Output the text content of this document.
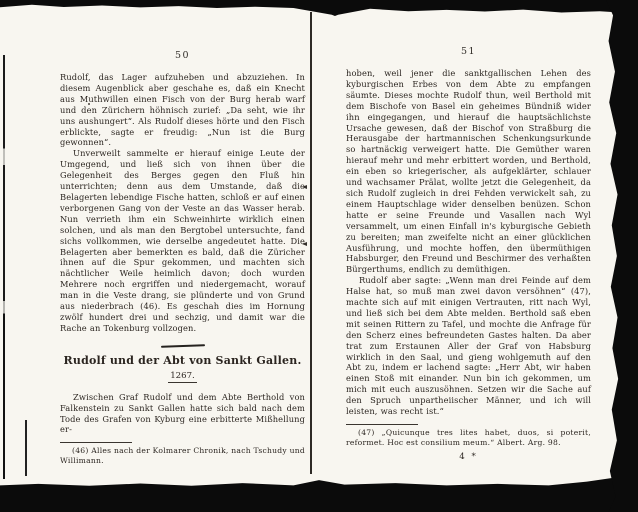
50

Rudolf, das Lager aufzuheben und abzuziehen. In diesem Augenblick aber geschahe es, daß ein Knecht aus Muthwillen einen Fisch von der Burg herab warf und den Zürichern höhnisch zurief: „Da seht, wie ihr uns aushungert“. Als Rudolf dieses hörte und den Fisch erblickte, sagte er freudig: „Nun ist die Burg gewonnen“.

Unverweilt sammelte er hierauf einige Leute der Umgegend, und ließ sich von ihnen über die Gelegenheit des Berges gegen den Fluß hin unterrichten; denn aus dem Umstande, daß die Belagerten lebendige Fische hatten, schloß er auf einen verborgenen Gang von der Veste an das Wasser herab. Nun verrieth ihm ein Schweinhirte wirklich einen solchen, und als man den Bergtobel untersuchte, fand sichs vollkommen, wie derselbe angedeutet hatte. Die Belagerten aber bemerkten es bald, daß die Züricher ihnen auf die Spur gekommen, und machten sich nächtlicher Weile heimlich davon; doch wurden Mehrere noch ergriffen und niedergemacht, worauf man in die Veste drang, sie plünderte und von Grund aus niederbrach (46). Es geschah dies im Hornung zwölf hundert drei und sechzig, und damit war die Rache an Tokenburg vollzogen.

Rudolf und der Abt von Sankt Gallen.
1267.

Zwischen Graf Rudolf und dem Abte Berthold von Falkenstein zu Sankt Gallen hatte sich bald nach dem Tode des Grafen von Kyburg eine erbitterte Mißhellung er-

(46) Alles nach der Kolmarer Chronik, nach Tschudy und Willimann.

51

hoben, weil jener die sanktgallischen Lehen des kyburgischen Erbes von dem Abte zu empfangen säumte. Dieses mochte Rudolf thun, weil Berthold mit dem Bischofe von Basel ein geheimes Bündniß wider ihn eingegangen, und hierauf die hauptsächlichste Ursache gewesen, daß der Bischof von Straßburg die Herausgabe der hartmannischen Schenkungsurkunde so hartnäckig verweigert hatte. Die Gemüther waren hierauf mehr und mehr erbittert worden, und Berthold, ein eben so kriegerischer, als aufgeklärter, schlauer und wachsamer Prälat, wollte jetzt die Gelegenheit, da sich Rudolf zugleich in drei Fehden verwickelt sah, zu einem Hauptschlage wider denselben benüzen. Schon hatte er seine Freunde und Vasallen nach Wyl versammelt, um einen Einfall in's kyburgische Gebieth zu bereiten; man zweifelte nicht an einer glücklichen Ausführung, und mochte hoffen, den übermüthigen Habsburger, den Freund und Beschirmer des verhaßten Bürgerthums, endlich zu demüthigen.

Rudolf aber sagte: „Wenn man drei Feinde auf dem Halse hat, so muß man zwei davon versöhnen“ (47), machte sich auf mit einigen Vertrauten, ritt nach Wyl, und ließ sich bei dem Abte melden. Berthold saß eben mit seinen Rittern zu Tafel, und mochte die Anfrage für den Scherz eines befreundeten Gastes halten. Da aber trat zum Erstaunen Aller der Graf von Habsburg wirklich in den Saal, und gieng wohlgemuth auf den Abt zu, indem er lachend sagte: „Herr Abt, wir haben einen Stoß mit einander. Nun bin ich gekommen, um mich mit euch auszusöhnen. Setzen wir die Sache auf den Spruch unpartheiischer Männer, und ich will leisten, was recht ist.“

(47) „Quicunque tres lites habet, duos, si poterit, reformet. Hoc est consilium meum.“ Albert. Arg. 98.

4 *
